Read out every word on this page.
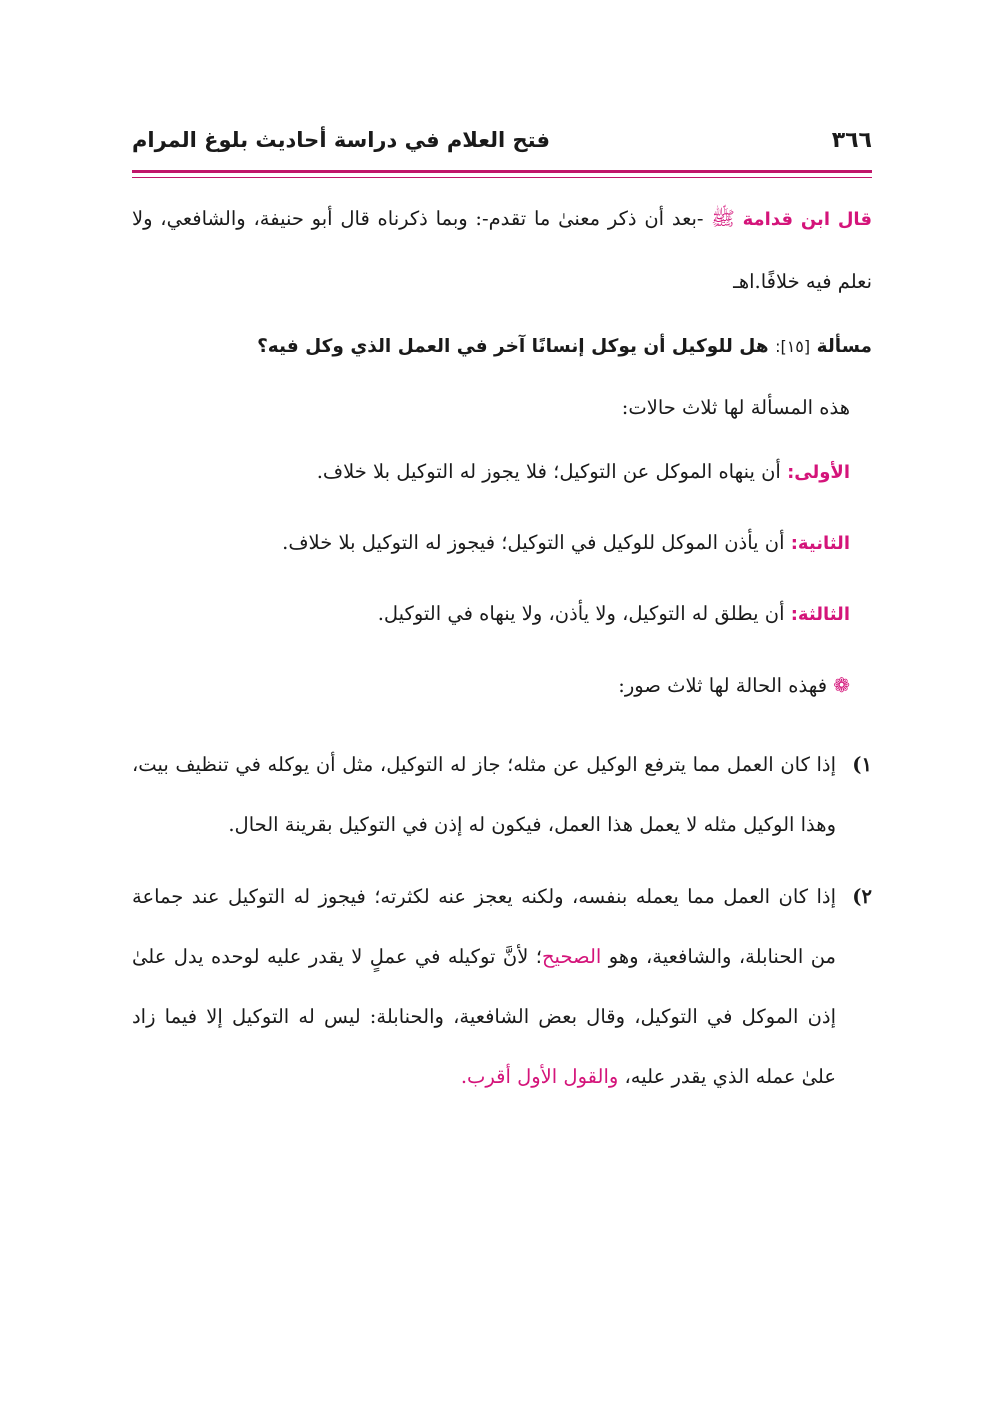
٣٦٦
فتح العلام في دراسة أحاديث بلوغ المرام

قال ابن قدامة ﷺ -بعد أن ذكر معنىٰ ما تقدم-: وبما ذكرناه قال أبو حنيفة، والشافعي، ولا نعلم فيه خلافًا.اهـ

مسألة [١٥]: هل للوكيل أن يوكل إنسانًا آخر في العمل الذي وكل فيه؟

هذه المسألة لها ثلاث حالات:

الأولى: أن ينهاه الموكل عن التوكيل؛ فلا يجوز له التوكيل بلا خلاف.

الثانية: أن يأذن الموكل للوكيل في التوكيل؛ فيجوز له التوكيل بلا خلاف.

الثالثة: أن يطلق له التوكيل، ولا يأذن، ولا ينهاه في التوكيل.

❁ فهذه الحالة لها ثلاث صور:

١)
إذا كان العمل مما يترفع الوكيل عن مثله؛ جاز له التوكيل، مثل أن يوكله في تنظيف بيت، وهذا الوكيل مثله لا يعمل هذا العمل، فيكون له إذن في التوكيل بقرينة الحال.

٢)
إذا كان العمل مما يعمله بنفسه، ولكنه يعجز عنه لكثرته؛ فيجوز له التوكيل عند جماعة من الحنابلة، والشافعية، وهو الصحيح؛ لأنَّ توكيله في عملٍ لا يقدر عليه لوحده يدل علىٰ إذن الموكل في التوكيل، وقال بعض الشافعية، والحنابلة: ليس له التوكيل إلا فيما زاد علىٰ عمله الذي يقدر عليه، والقول الأول أقرب.
